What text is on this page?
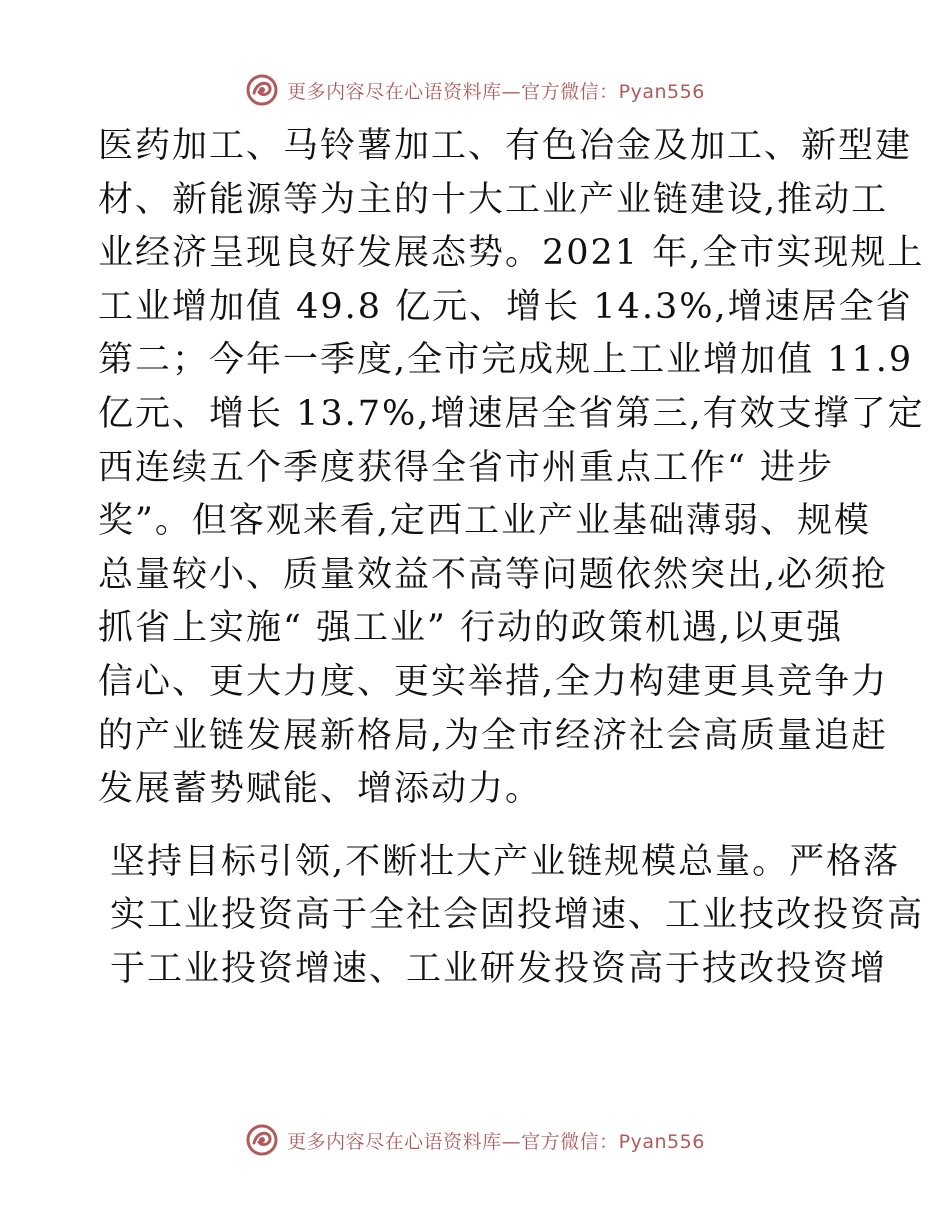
更多内容尽在心语资料库—官方微信：Pyan556

医药加工、马铃薯加工、有色冶金及加工、新型建
材、新能源等为主的十大工业产业链建设,推动工
业经济呈现良好发展态势。2021 年,全市实现规上
工业增加值 49.8 亿元、增长 14.3%,增速居全省
第二；今年一季度,全市完成规上工业增加值 11.9
亿元、增长 13.7%,增速居全省第三,有效支撑了定
西连续五个季度获得全省市州重点工作“ 进步
奖”。但客观来看,定西工业产业基础薄弱、规模
总量较小、质量效益不高等问题依然突出,必须抢
抓省上实施“ 强工业” 行动的政策机遇,以更强
信心、更大力度、更实举措,全力构建更具竞争力
的产业链发展新格局,为全市经济社会高质量追赶
发展蓄势赋能、增添动力。

坚持目标引领,不断壮大产业链规模总量。严格落
实工业投资高于全社会固投增速、工业技改投资高
于工业投资增速、工业研发投资高于技改投资增

更多内容尽在心语资料库—官方微信：Pyan556
